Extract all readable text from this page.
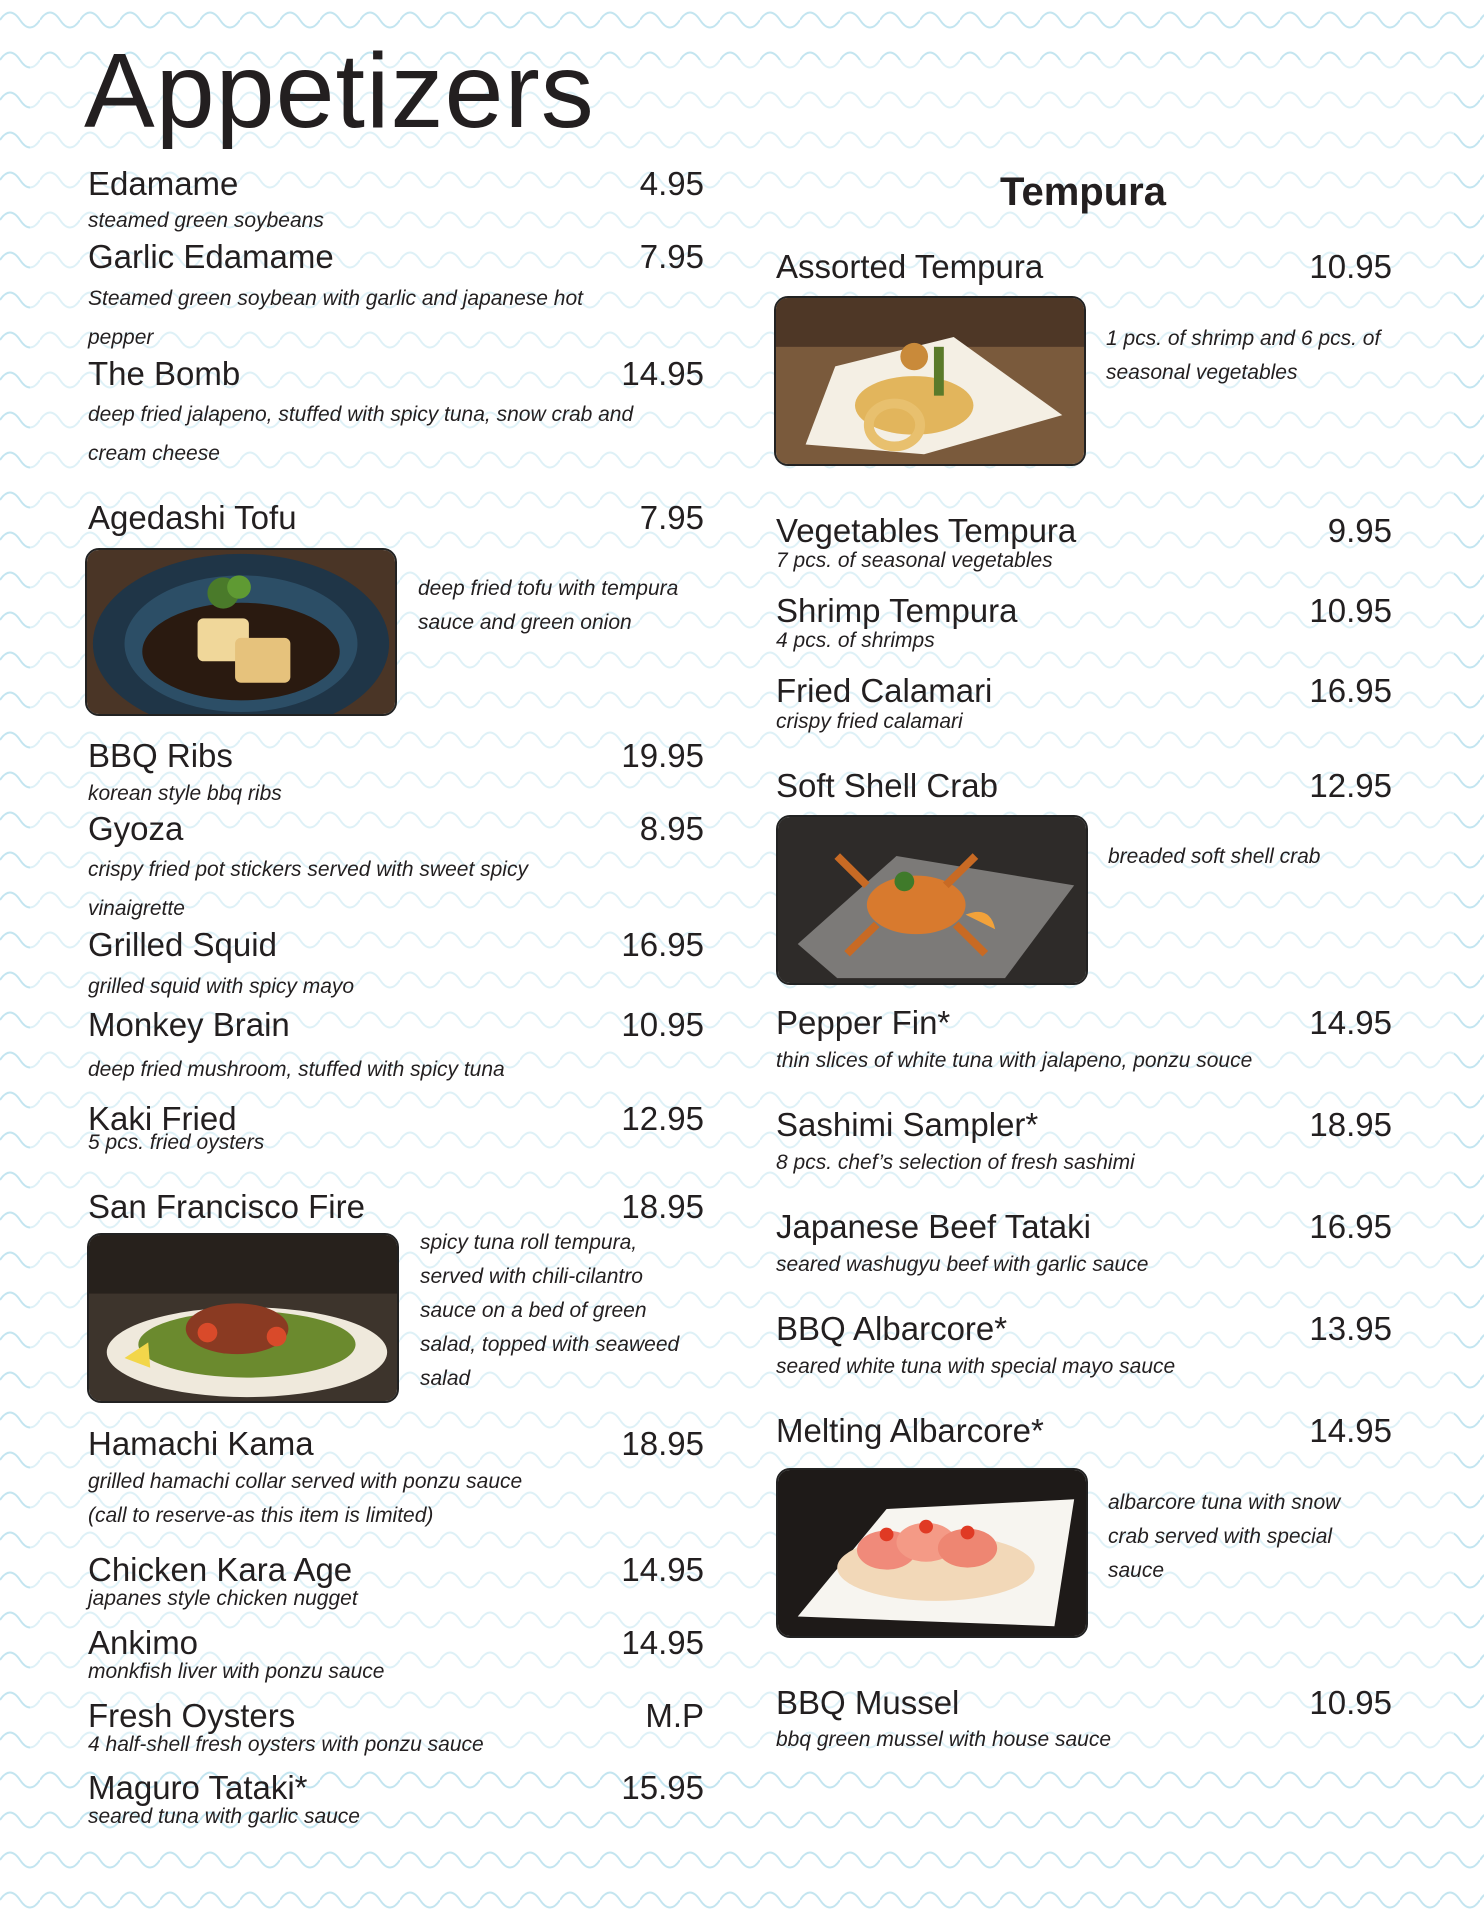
Appetizers
Tempura
Edamame	4.95
steamed green soybeans
Garlic Edamame	7.95
Steamed green soybean with garlic and japanese hot
pepper
The Bomb	14.95
deep fried jalapeno, stuffed with spicy tuna, snow crab and
cream cheese
Agedashi Tofu	7.95

deep fried tofu with tempura
sauce and green onion

BBQ Ribs	19.95
korean style bbq ribs
Gyoza	8.95
crispy fried pot stickers served with sweet spicy
vinaigrette
Grilled Squid	16.95
grilled squid with spicy mayo
Monkey Brain	10.95
deep fried mushroom, stuffed with spicy tuna
Kaki Fried	12.95
5 pcs. fried oysters
San Francisco Fire	18.95

spicy tuna roll tempura,
served with chili-cilantro
sauce on a bed of green
salad, topped with seaweed
salad

Hamachi Kama	18.95
grilled hamachi collar served with ponzu sauce
(call to reserve-as this item is limited)
Chicken Kara Age	14.95
japanes style chicken nugget
Ankimo	14.95
monkfish liver with ponzu sauce
Fresh Oysters	M.P
4 half-shell fresh oysters with ponzu sauce
Maguro Tataki*	15.95
seared tuna with garlic sauce
Assorted Tempura	10.95

1 pcs. of shrimp and 6 pcs. of
seasonal vegetables

Vegetables Tempura	9.95
7 pcs. of seasonal vegetables
Shrimp Tempura	10.95
4 pcs. of shrimps
Fried Calamari	16.95
crispy fried calamari
Soft Shell Crab	12.95

breaded soft shell crab

Pepper Fin*	14.95
thin slices of white tuna with jalapeno, ponzu souce
Sashimi Sampler*	18.95
8 pcs. chef’s selection of fresh sashimi
Japanese Beef Tataki	16.95
seared washugyu beef with garlic sauce
BBQ Albarcore*	13.95
seared white tuna with special mayo sauce
Melting Albarcore*	14.95

albarcore tuna with snow
crab served with special
sauce

BBQ Mussel	10.95
bbq green mussel with house sauce
